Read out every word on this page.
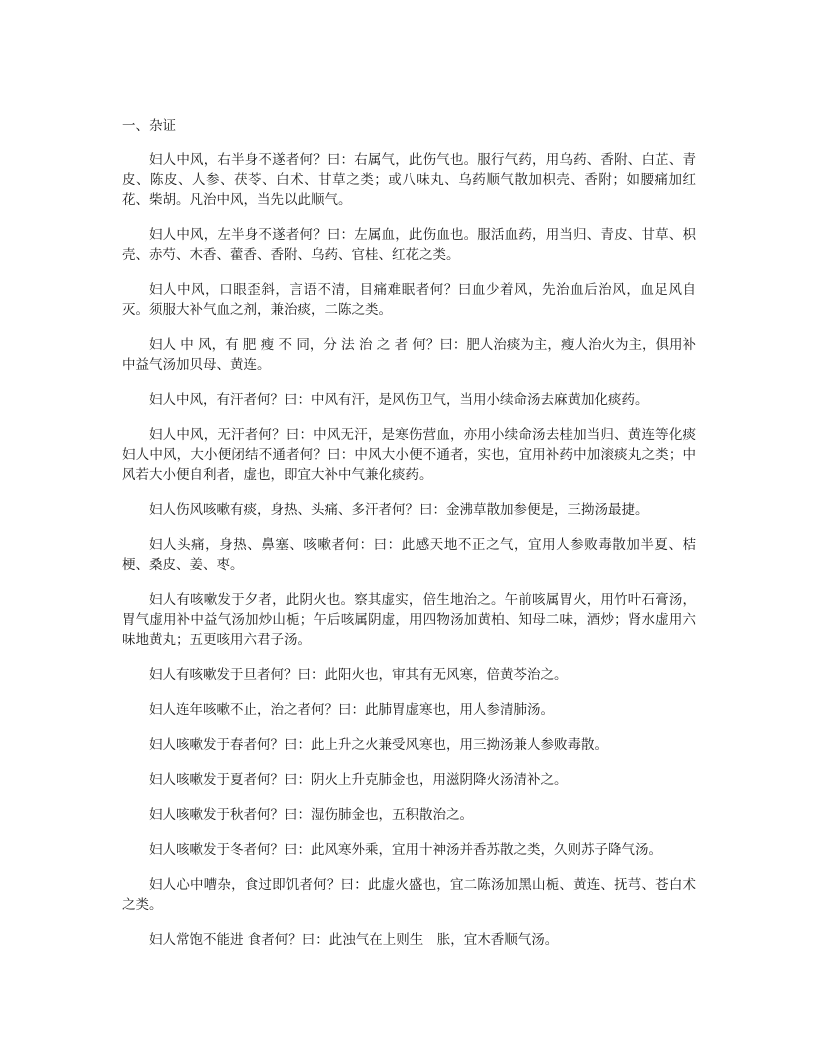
一、杂证

妇人中风，右半身不遂者何？曰：右属气，此伤气也。服行气药，用乌药、香附、白芷、青皮、陈皮、人参、茯苓、白术、甘草之类；或八味丸、乌药顺气散加枳壳、香附；如腰痛加红花、柴胡。凡治中风，当先以此顺气。

妇人中风，左半身不遂者何？曰：左属血，此伤血也。服活血药，用当归、青皮、甘草、枳壳、赤芍、木香、藿香、香附、乌药、官桂、红花之类。

妇人中风，口眼歪斜，言语不清，目痛难眠者何？曰血少着风，先治血后治风，血足风自灭。须服大补气血之剂，兼治痰，二陈之类。

妇人 中 风，有 肥 瘦 不 同，分 法 治 之 者 何？曰：肥人治痰为主，瘦人治火为主，俱用补中益气汤加贝母、黄连。

妇人中风，有汗者何？曰：中风有汗，是风伤卫气，当用小续命汤去麻黄加化痰药。

妇人中风，无汗者何？曰：中风无汗，是寒伤营血，亦用小续命汤去桂加当归、黄连等化痰妇人中风，大小便闭结不通者何？曰：中风大小便不通者，实也，宜用补药中加滚痰丸之类；中风若大小便自利者，虚也，即宜大补中气兼化痰药。

妇人伤风咳嗽有痰，身热、头痛、多汗者何？曰：金沸草散加参便是，三拗汤最捷。

妇人头痛，身热、鼻塞、咳嗽者何：曰：此感天地不正之气，宜用人参败毒散加半夏、桔梗、桑皮、姜、枣。

妇人有咳嗽发于夕者，此阴火也。察其虚实，倍生地治之。午前咳属胃火，用竹叶石膏汤，胃气虚用补中益气汤加炒山栀；午后咳属阴虚，用四物汤加黄柏、知母二味，酒炒；肾水虚用六味地黄丸；五更咳用六君子汤。

妇人有咳嗽发于旦者何？曰：此阳火也，审其有无风寒，倍黄芩治之。

妇人连年咳嗽不止，治之者何？曰：此肺胃虚寒也，用人参清肺汤。

妇人咳嗽发于春者何？曰：此上升之火兼受风寒也，用三拗汤兼人参败毒散。

妇人咳嗽发于夏者何？曰：阴火上升克肺金也，用滋阴降火汤清补之。

妇人咳嗽发于秋者何？曰：湿伤肺金也，五积散治之。

妇人咳嗽发于冬者何？曰：此风寒外乘，宜用十神汤并香苏散之类，久则苏子降气汤。

妇人心中嘈杂，食过即饥者何？曰：此虚火盛也，宜二陈汤加黑山栀、黄连、抚芎、苍白术之类。

妇人常饱不能进 食者何？曰：此浊气在上则生　胀，宜木香顺气汤。
